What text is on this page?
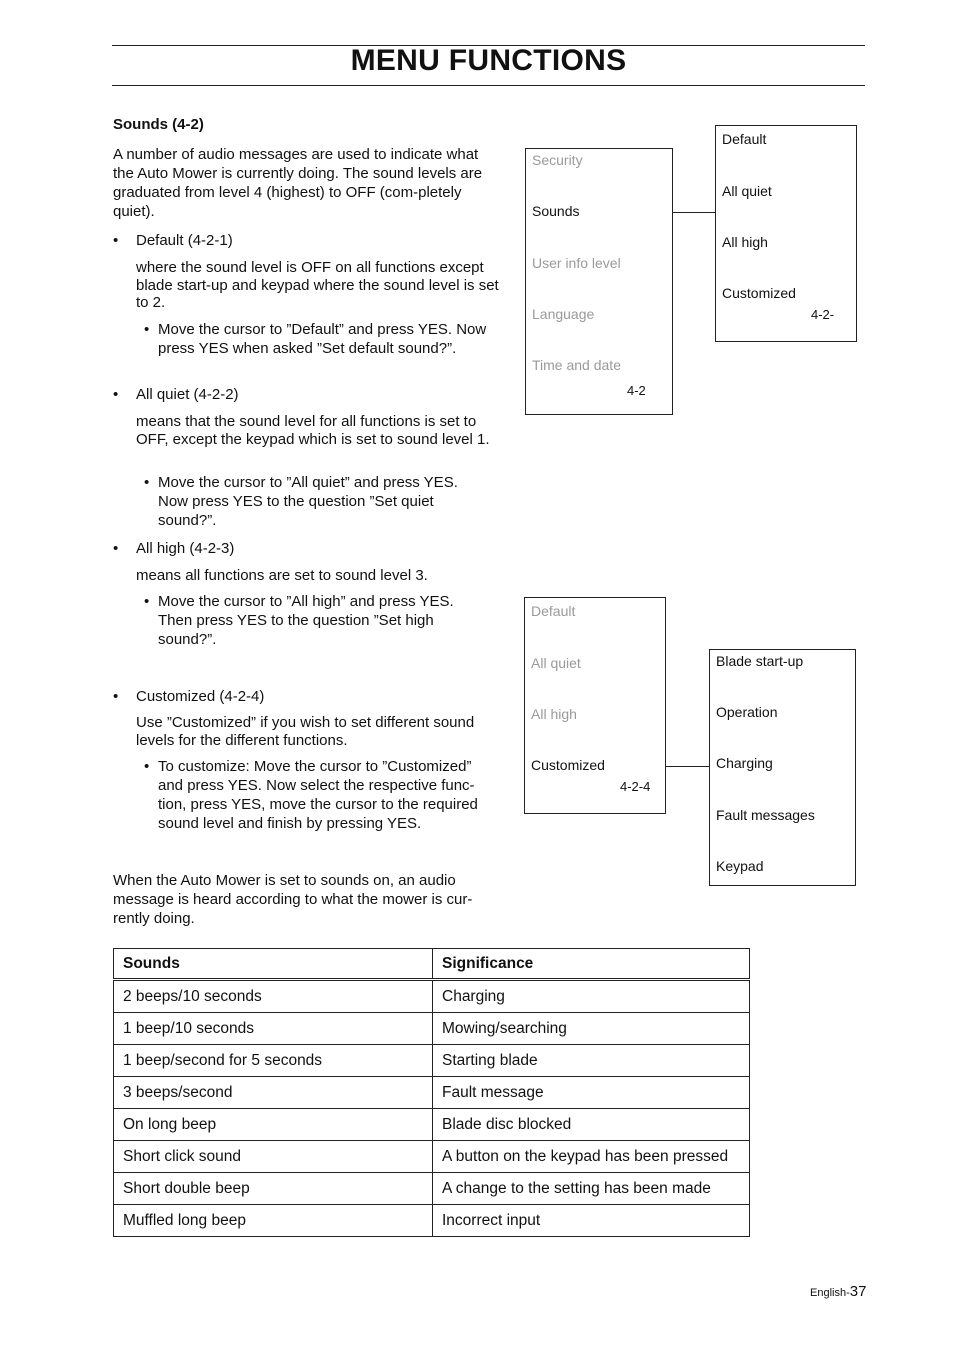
MENU FUNCTIONS
Sounds (4-2)
A number of audio messages are used to indicate what the Auto Mower is currently doing. The sound levels are graduated from level 4 (highest) to OFF (com-pletely quiet).
• Default (4-2-1)
where the sound level is OFF on all functions except blade start-up and keypad where the sound level is set to 2.
• Move the cursor to ”Default” and press YES. Now press YES when asked ”Set default sound?”.
• All quiet (4-2-2)
means that the sound level for all functions is set to OFF, except the keypad which is set to sound level 1.
• Move the cursor to ”All quiet” and press YES. Now press YES to the question ”Set quiet sound?”.
• All high (4-2-3)
means all functions are set to sound level 3.
• Move the cursor to ”All high” and press YES. Then press YES to the question ”Set high sound?”.
• Customized (4-2-4)
Use ”Customized” if you wish to set different sound levels for the different functions.
• To customize: Move the cursor to ”Customized” and press YES. Now select the respective func-tion, press YES, move the cursor to the required sound level and finish by pressing YES.
When the Auto Mower is set to sounds on, an audio message is heard according to what the mower is cur-rently doing.
Security
Sounds
User info level
Language
Time and date
4-2
Default
All quiet
All high
Customized
4-2-
Default
All quiet
All high
Customized
4-2-4
Blade start-up
Operation
Charging
Fault messages
Keypad
Sounds	Significance
2 beeps/10 seconds	Charging
1 beep/10 seconds	Mowing/searching
1 beep/second for 5 seconds	Starting blade
3 beeps/second	Fault message
On long beep	Blade disc blocked
Short click sound	A button on the keypad has been pressed
Short double beep	A change to the setting has been made
Muffled long beep	Incorrect input
English-37
